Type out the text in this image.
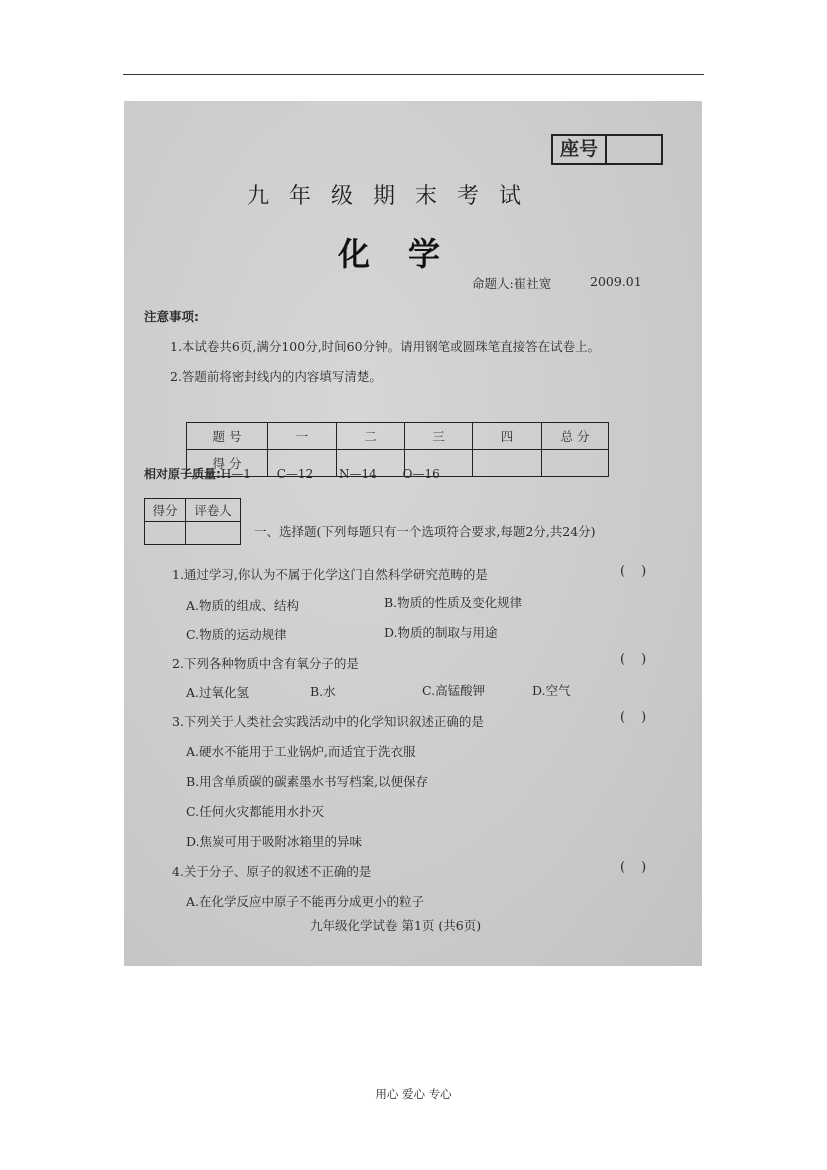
座号
九年级期末考试
化学
命题人:崔社宽	2009.01
注意事项:
1.本试卷共6页,满分100分,时间60分钟。请用钢笔或圆珠笔直接答在试卷上。
2.答题前将密封线内的内容填写清楚。
题 号	一	二	三	四	总 分
得 分					
相对原子质量:H—1 C—12 N—14 O—16
得分	评卷人

一、选择题(下列每题只有一个选项符合要求,每题2分,共24分)
1.通过学习,你认为不属于化学这门自然科学研究范畴的是	()
A.物质的组成、结构	B.物质的性质及变化规律
C.物质的运动规律	D.物质的制取与用途
2.下列各种物质中含有氧分子的是	()
A.过氧化氢	B.水	C.高锰酸钾	D.空气
3.下列关于人类社会实践活动中的化学知识叙述正确的是	()
A.硬水不能用于工业锅炉,而适宜于洗衣服
B.用含单质碳的碳素墨水书写档案,以便保存
C.任何火灾都能用水扑灭
D.焦炭可用于吸附冰箱里的异味
4.关于分子、原子的叙述不正确的是	()
A.在化学反应中原子不能再分成更小的粒子
九年级化学试卷 第1页 (共6页)
用心 爱心 专心
